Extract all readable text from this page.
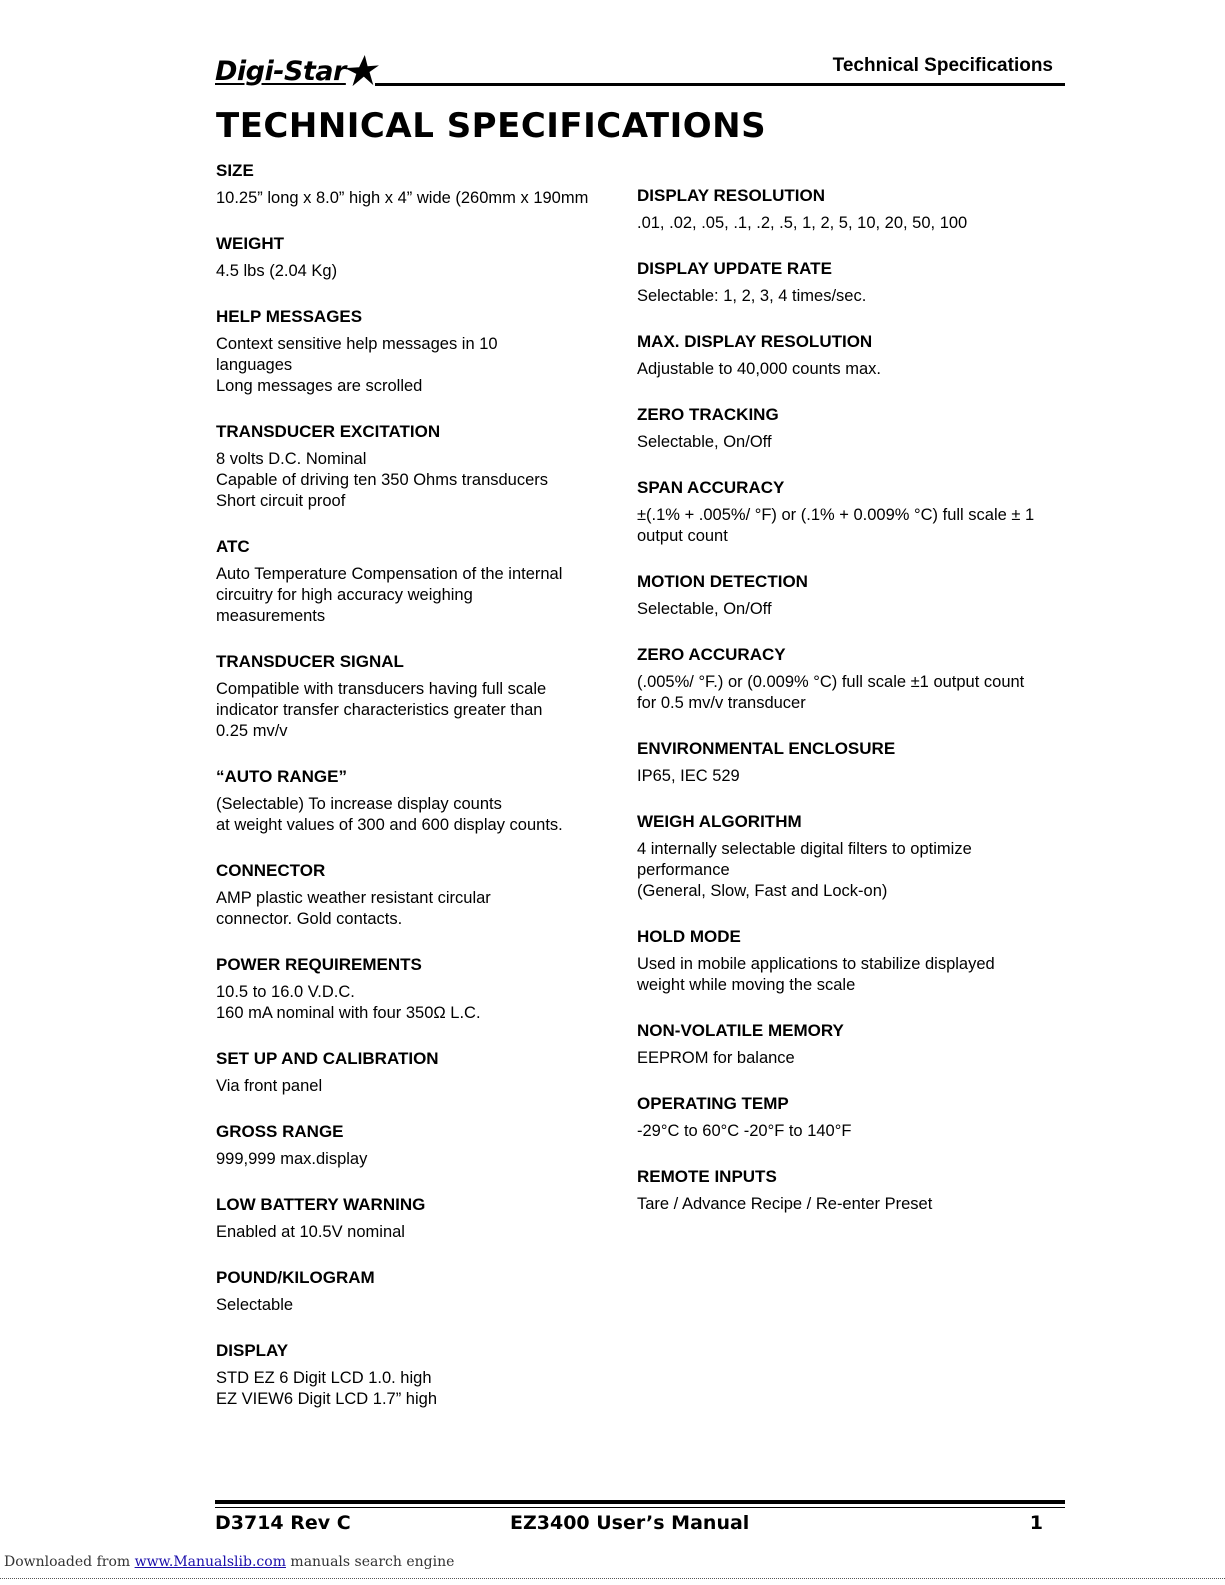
Digi-Star	Technical Specifications
TECHNICAL SPECIFICATIONS
SIZE
10.25” long x 8.0” high x 4” wide (260mm x 190mm
WEIGHT
4.5 lbs (2.04 Kg)
HELP MESSAGES
Context sensitive help messages in 10
languages
Long messages are scrolled
TRANSDUCER EXCITATION
8 volts D.C. Nominal
Capable of driving ten 350 Ohms transducers
Short circuit proof
ATC
Auto Temperature Compensation of the internal
circuitry for high accuracy weighing
measurements
TRANSDUCER SIGNAL
Compatible with transducers having full scale
indicator transfer characteristics greater than
0.25 mv/v
“AUTO RANGE”
(Selectable) To increase display counts
at weight values of 300 and 600 display counts.
CONNECTOR
AMP plastic weather resistant circular
connector. Gold contacts.
POWER REQUIREMENTS
10.5 to 16.0 V.D.C.
160 mA nominal with four 350Ω L.C.
SET UP AND CALIBRATION
Via front panel
GROSS RANGE
999,999 max.display
LOW BATTERY WARNING
Enabled at 10.5V nominal
POUND/KILOGRAM
Selectable
DISPLAY
STD EZ 6 Digit LCD 1.0. high
EZ VIEW6 Digit LCD 1.7” high
DISPLAY RESOLUTION
.01, .02, .05, .1, .2, .5, 1, 2, 5, 10, 20, 50, 100
DISPLAY UPDATE RATE
Selectable: 1, 2, 3, 4 times/sec.
MAX. DISPLAY RESOLUTION
Adjustable to 40,000 counts max.
ZERO TRACKING
Selectable, On/Off
SPAN ACCURACY
±(.1% + .005%/ °F) or (.1% + 0.009% °C) full scale ± 1
output count
MOTION DETECTION
Selectable, On/Off
ZERO ACCURACY
(.005%/ °F.) or (0.009% °C) full scale ±1 output count
for 0.5 mv/v transducer
ENVIRONMENTAL ENCLOSURE
IP65, IEC 529
WEIGH ALGORITHM
4 internally selectable digital filters to optimize
performance
(General, Slow, Fast and Lock-on)
HOLD MODE
Used in mobile applications to stabilize displayed
weight while moving the scale
NON-VOLATILE MEMORY
EEPROM for balance
OPERATING TEMP
-29°C to 60°C -20°F to 140°F
REMOTE INPUTS
Tare / Advance Recipe / Re-enter Preset
D3714 Rev C	EZ3400 User’s Manual	1
Downloaded from www.Manualslib.com manuals search engine
